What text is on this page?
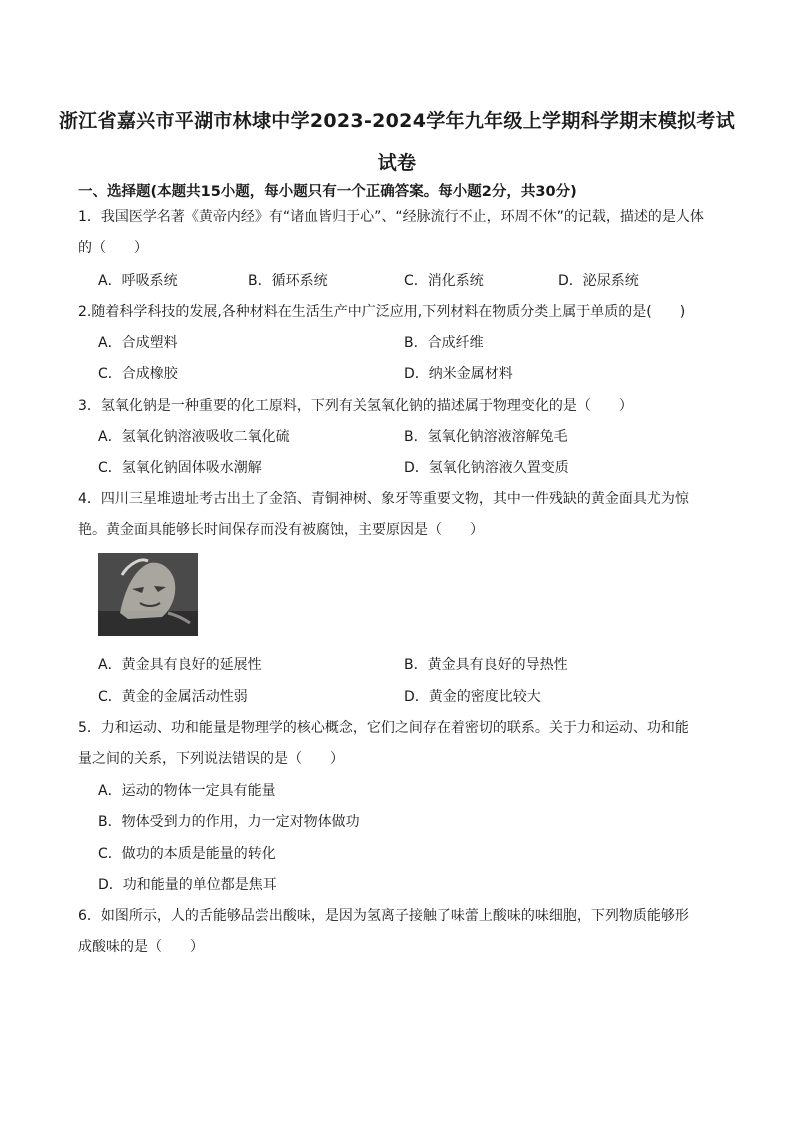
浙江省嘉兴市平湖市林埭中学2023-2024学年九年级上学期科学期末模拟考试
试卷
一、选择题(本题共15小题，每小题只有一个正确答案。每小题2分，共30分)
1．我国医学名著《黄帝内经》有“诸血皆归于心”、“经脉流行不止，环周不休”的记载，描述的是人体
的（　　）
A．呼吸系统	B．循环系统	C．消化系统	D．泌尿系统
2.随着科学科技的发展,各种材料在生活生产中广泛应用,下列材料在物质分类上属于单质的是(　　)
A．合成塑料	B．合成纤维
C．合成橡胶	D．纳米金属材料
3．氢氧化钠是一种重要的化工原料，下列有关氢氧化钠的描述属于物理变化的是（　　）
A．氢氧化钠溶液吸收二氧化硫	B．氢氧化钠溶液溶解兔毛
C．氢氧化钠固体吸水潮解	D．氢氧化钠溶液久置变质
4．四川三星堆遗址考古出土了金箔、青铜神树、象牙等重要文物，其中一件残缺的黄金面具尤为惊
艳。黄金面具能够长时间保存而没有被腐蚀，主要原因是（　　）
A．黄金具有良好的延展性	B．黄金具有良好的导热性
C．黄金的金属活动性弱	D．黄金的密度比较大
5．力和运动、功和能量是物理学的核心概念，它们之间存在着密切的联系。关于力和运动、功和能
量之间的关系，下列说法错误的是（　　）
A．运动的物体一定具有能量
B．物体受到力的作用，力一定对物体做功
C．做功的本质是能量的转化
D．功和能量的单位都是焦耳
6．如图所示，人的舌能够品尝出酸味，是因为氢离子接触了味蕾上酸味的味细胞，下列物质能够形
成酸味的是（　　）
